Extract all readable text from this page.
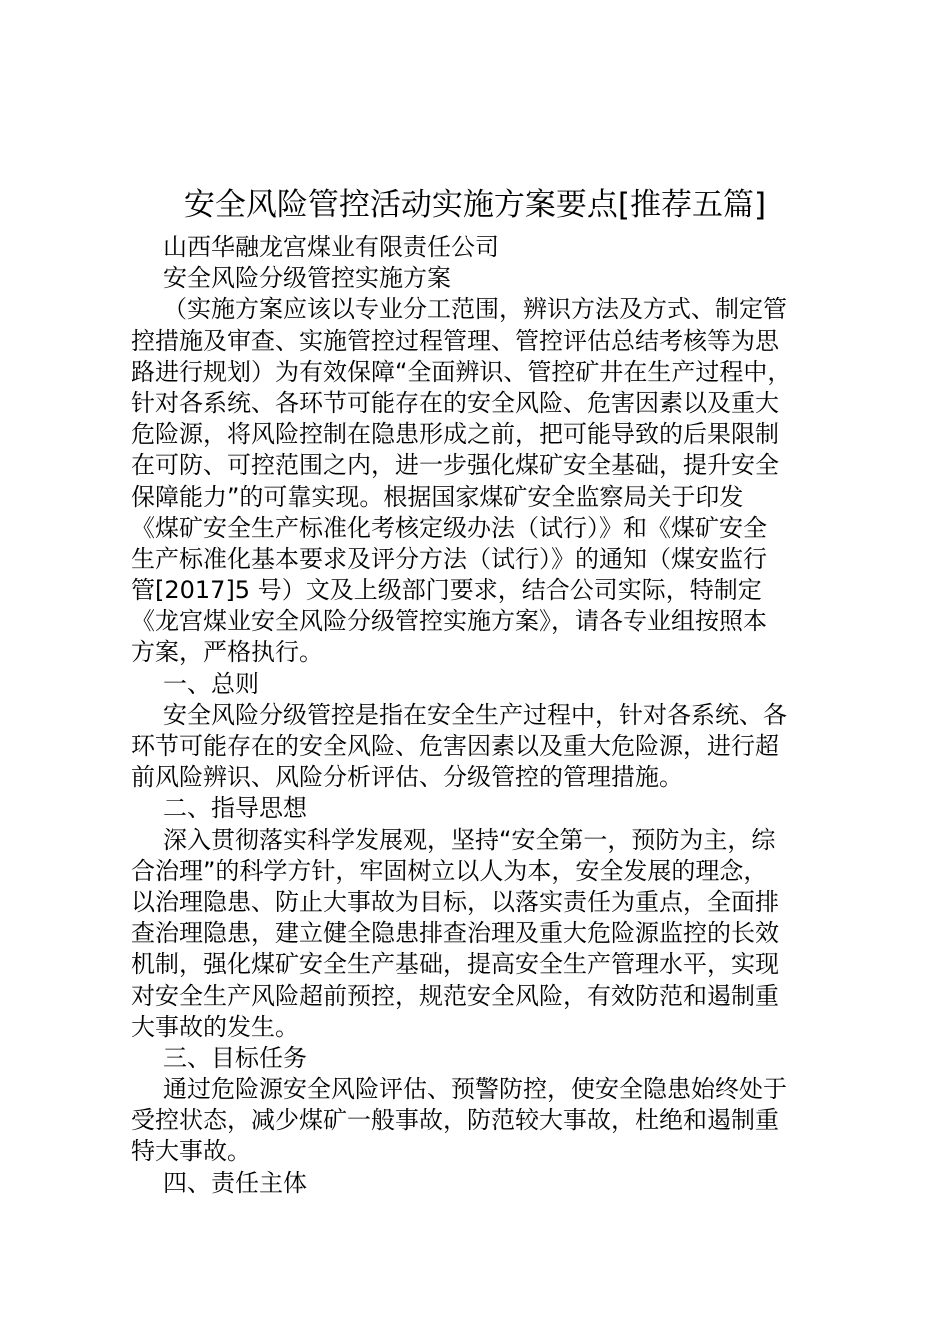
安全风险管控活动实施方案要点[推荐五篇]
山西华融龙宫煤业有限责任公司
安全风险分级管控实施方案
（实施方案应该以专业分工范围，辨识方法及方式、制定管
控措施及审查、实施管控过程管理、管控评估总结考核等为思
路进行规划）为有效保障“全面辨识、管控矿井在生产过程中，
针对各系统、各环节可能存在的安全风险、危害因素以及重大
危险源，将风险控制在隐患形成之前，把可能导致的后果限制
在可防、可控范围之内，进一步强化煤矿安全基础，提升安全
保障能力”的可靠实现。根据国家煤矿安全监察局关于印发
《煤矿安全生产标准化考核定级办法（试行）》和《煤矿安全
生产标准化基本要求及评分方法（试行）》的通知（煤安监行
管[2017]5 号）文及上级部门要求，结合公司实际，特制定
《龙宫煤业安全风险分级管控实施方案》，请各专业组按照本
方案，严格执行。
一、总则
安全风险分级管控是指在安全生产过程中，针对各系统、各
环节可能存在的安全风险、危害因素以及重大危险源，进行超
前风险辨识、风险分析评估、分级管控的管理措施。
二、指导思想
深入贯彻落实科学发展观，坚持“安全第一，预防为主，综
合治理”的科学方针，牢固树立以人为本，安全发展的理念，
以治理隐患、防止大事故为目标，以落实责任为重点，全面排
查治理隐患，建立健全隐患排查治理及重大危险源监控的长效
机制，强化煤矿安全生产基础，提高安全生产管理水平，实现
对安全生产风险超前预控，规范安全风险，有效防范和遏制重
大事故的发生。
三、目标任务
通过危险源安全风险评估、预警防控，使安全隐患始终处于
受控状态，减少煤矿一般事故，防范较大事故，杜绝和遏制重
特大事故。
四、责任主体
